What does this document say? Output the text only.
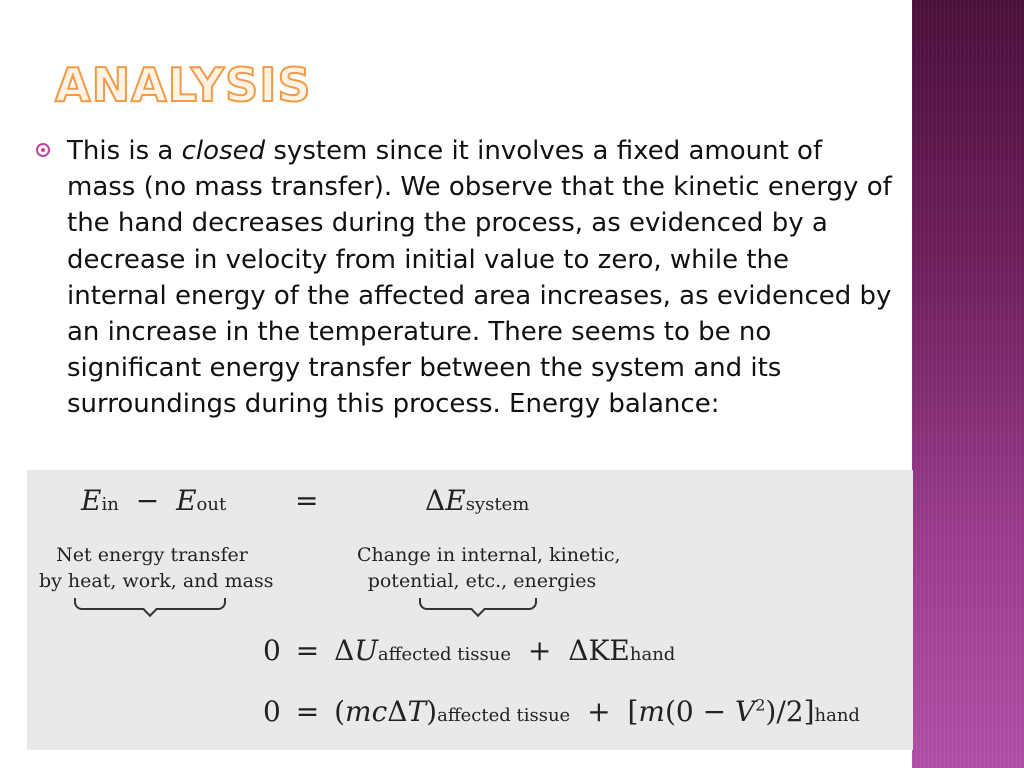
ANALYSIS
This is a closed system since it involves a fixed amount of mass (no mass transfer). We observe that the kinetic energy of the hand decreases during the process, as evidenced by a decrease in velocity from initial value to zero, while the internal energy of the affected area increases, as evidenced by an increase in the temperature. There seems to be no significant energy transfer between the system and its surroundings during this process. Energy balance:
Ein − Eout =	ΔEsystem
Net energy transfer
by heat, work, and mass
Change in internal, kinetic,
potential, etc., energies
0 = ΔUaffected tissue + ΔKEhand
0 = (mcΔT)affected tissue + $[m(0 - V^2)/2]hand$
